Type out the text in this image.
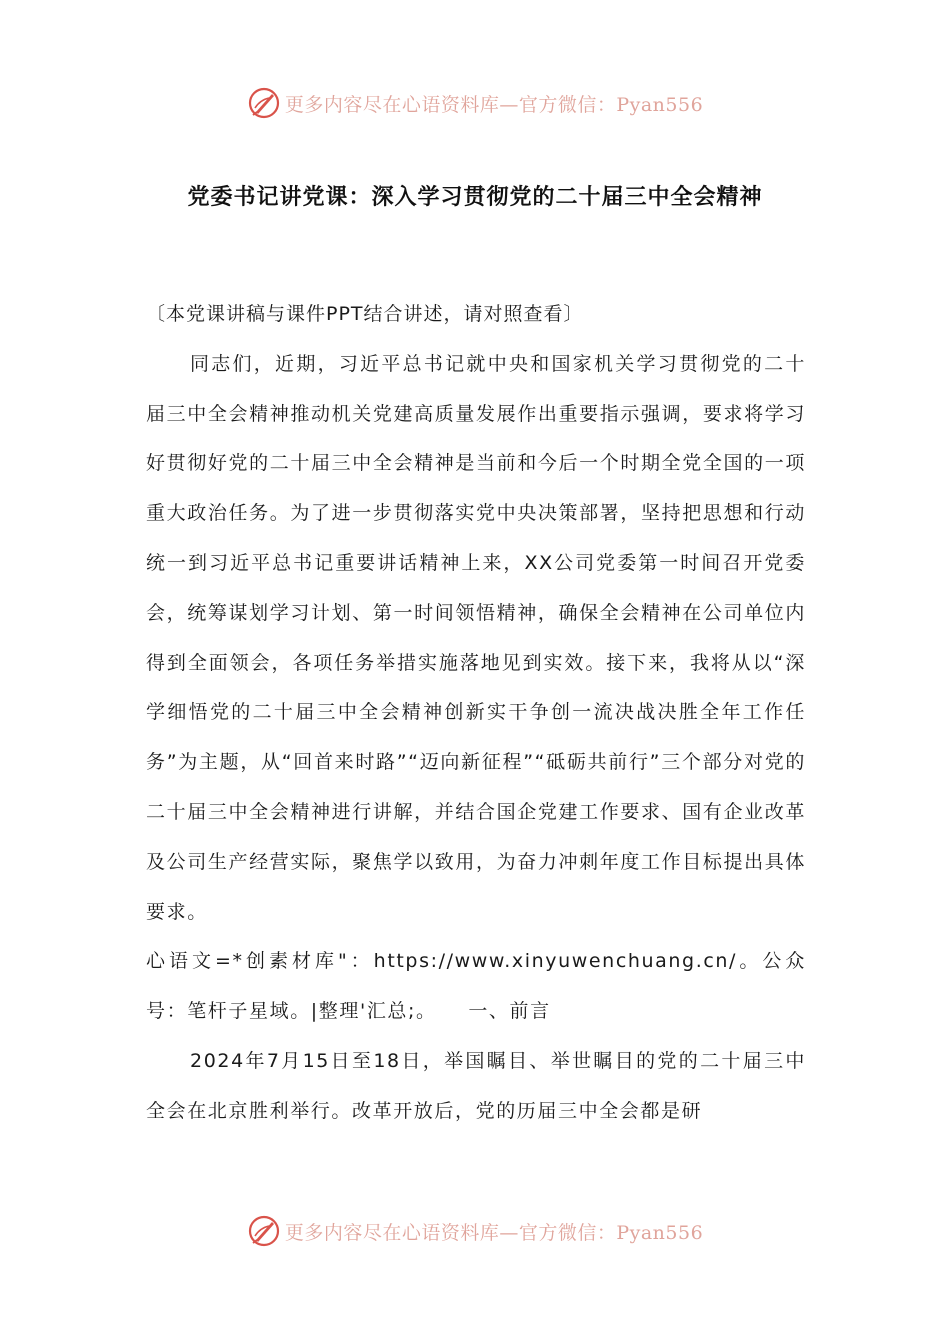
更多内容尽在心语资料库—官方微信：Pyan556
党委书记讲党课：深入学习贯彻党的二十届三中全会精神

〔本党课讲稿与课件PPT结合讲述，请对照查看〕

同志们，近期，习近平总书记就中央和国家机关学习贯彻党的二十届三中全会精神推动机关党建高质量发展作出重要指示强调，要求将学习好贯彻好党的二十届三中全会精神是当前和今后一个时期全党全国的一项重大政治任务。为了进一步贯彻落实党中央决策部署，坚持把思想和行动统一到习近平总书记重要讲话精神上来，XX公司党委第一时间召开党委会，统筹谋划学习计划、第一时间领悟精神，确保全会精神在公司单位内得到全面领会，各项任务举措实施落地见到实效。接下来，我将从以“深学细悟党的二十届三中全会精神创新实干争创一流决战决胜全年工作任务”为主题，从“回首来时路”“迈向新征程”“砥砺共前行”三个部分对党的二十届三中全会精神进行讲解，并结合国企党建工作要求、国有企业改革及公司生产经营实际，聚焦学以致用，为奋力冲刺年度工作目标提出具体要求。

心语文=*创素材库"：https://www.xinyuwenchuang.cn/。公众号：笔杆子星域。|整理'汇总;。　　一、前言

2024年7月15日至18日，举国瞩目、举世瞩目的党的二十届三中全会在北京胜利举行。改革开放后，党的历届三中全会都是研

更多内容尽在心语资料库—官方微信：Pyan556
